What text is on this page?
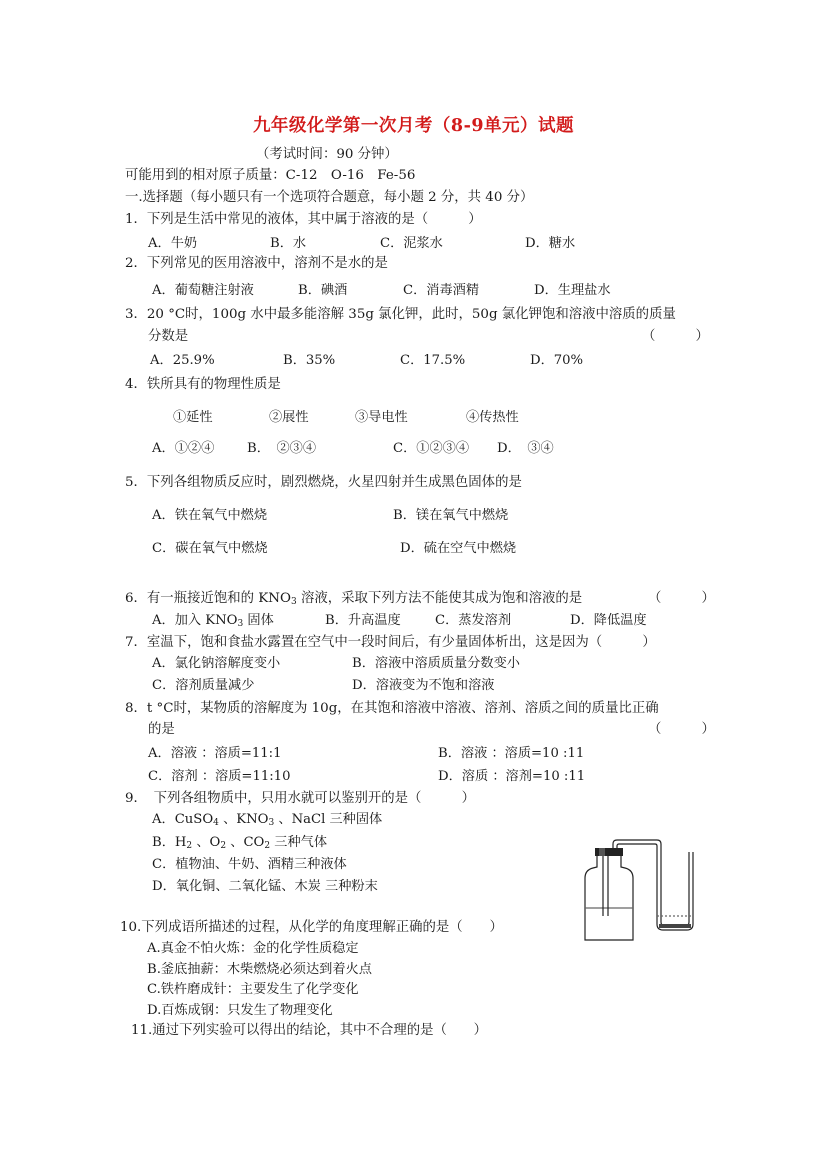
九年级化学第一次月考（8-9单元）试题
（考试时间：90 分钟）
可能用到的相对原子质量：C-12　O-16　Fe-56
一.选择题（每小题只有一个选项符合题意，每小题 2 分，共 40 分）
1．下列是生活中常见的液体，其中属于溶液的是（　　　）
A．牛奶	B．水	C．泥浆水	D．糖水
2．下列常见的医用溶液中，溶剂不是水的是
A．葡萄糖注射液	B．碘酒	C．消毒酒精	D．生理盐水
3．20 °C时，100g 水中最多能溶解 35g 氯化钾，此时，50g 氯化钾饱和溶液中溶质的质量
分数是	（　　　）
A．25.9%	B．35%	C．17.5%	D．70%
4．铁所具有的物理性质是
①延性	②展性	③导电性	④传热性
A．①②④ B．　②③④	C．①②③④ D．　③④
5．下列各组物质反应时，剧烈燃烧，火星四射并生成黑色固体的是
A．铁在氧气中燃烧	B．镁在氧气中燃烧
C．碳在氧气中燃烧	D．硫在空气中燃烧
6．有一瓶接近饱和的 $KNO_3$ 溶液，采取下列方法不能使其成为饱和溶液的是	（　　　）
A．加入 $KNO_3$ 固体	B．升高温度	C．蒸发溶剂	D．降低温度
7．室温下，饱和食盐水露置在空气中一段时间后，有少量固体析出，这是因为（　　　）
A．氯化钠溶解度变小	B．溶液中溶质质量分数变小
C．溶剂质量减少	D．溶液变为不饱和溶液
8．t °C时，某物质的溶解度为 10g，在其饱和溶液中溶液、溶剂、溶质之间的质量比正确
的是	（　　　）
A．溶液 ：溶质=11:1	B．溶液 ：溶质=10 :11
C．溶剂 ：溶质=11:10	D．溶质 ：溶剂=10 :11
9．　下列各组物质中，只用水就可以鉴别开的是（　　　）
A．CuSO$_4$ 、$KNO_3$ 、NaCl 三种固体
B．$H_2$ 、$O_2$ 、$CO_2$ 三种气体
C．植物油、牛奶、酒精三种液体
D．氧化铜、二氧化锰、木炭 三种粉末
10.下列成语所描述的过程，从化学的角度理解正确的是（　　）
A.真金不怕火炼：金的化学性质稳定
B.釜底抽薪：木柴燃烧必须达到着火点
C.铁杵磨成针：主要发生了化学变化
D.百炼成钢：只发生了物理变化
11.通过下列实验可以得出的结论，其中不合理的是（　　）
